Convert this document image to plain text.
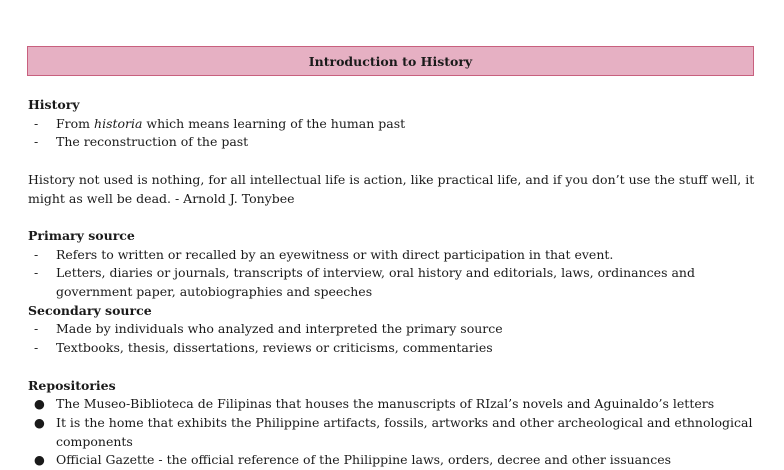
Introduction to History
History
-	From historia which means learning of the human past
-	The reconstruction of the past

History not used is nothing, for all intellectual life is action, like practical life, and if you don’t use the stuff well, it might as well be dead. - Arnold J. Tonybee

Primary source
-	Refers to written or recalled by an eyewitness or with direct participation in that event.
-	Letters, diaries or journals, transcripts of interview, oral history and editorials, laws, ordinances and government paper, autobiographies and speeches
Secondary source
-	Made by individuals who analyzed and interpreted the primary source
-	Textbooks, thesis, dissertations, reviews or criticisms, commentaries
Repositories
● The Museo-Biblioteca de Filipinas that houses the manuscripts of RIzal’s novels and Aguinaldo’s letters
● It is the home that exhibits the Philippine artifacts, fossils, artworks and other archeological and ethnological components
● Official Gazette - the official reference of the Philippine laws, orders, decree and other issuances
